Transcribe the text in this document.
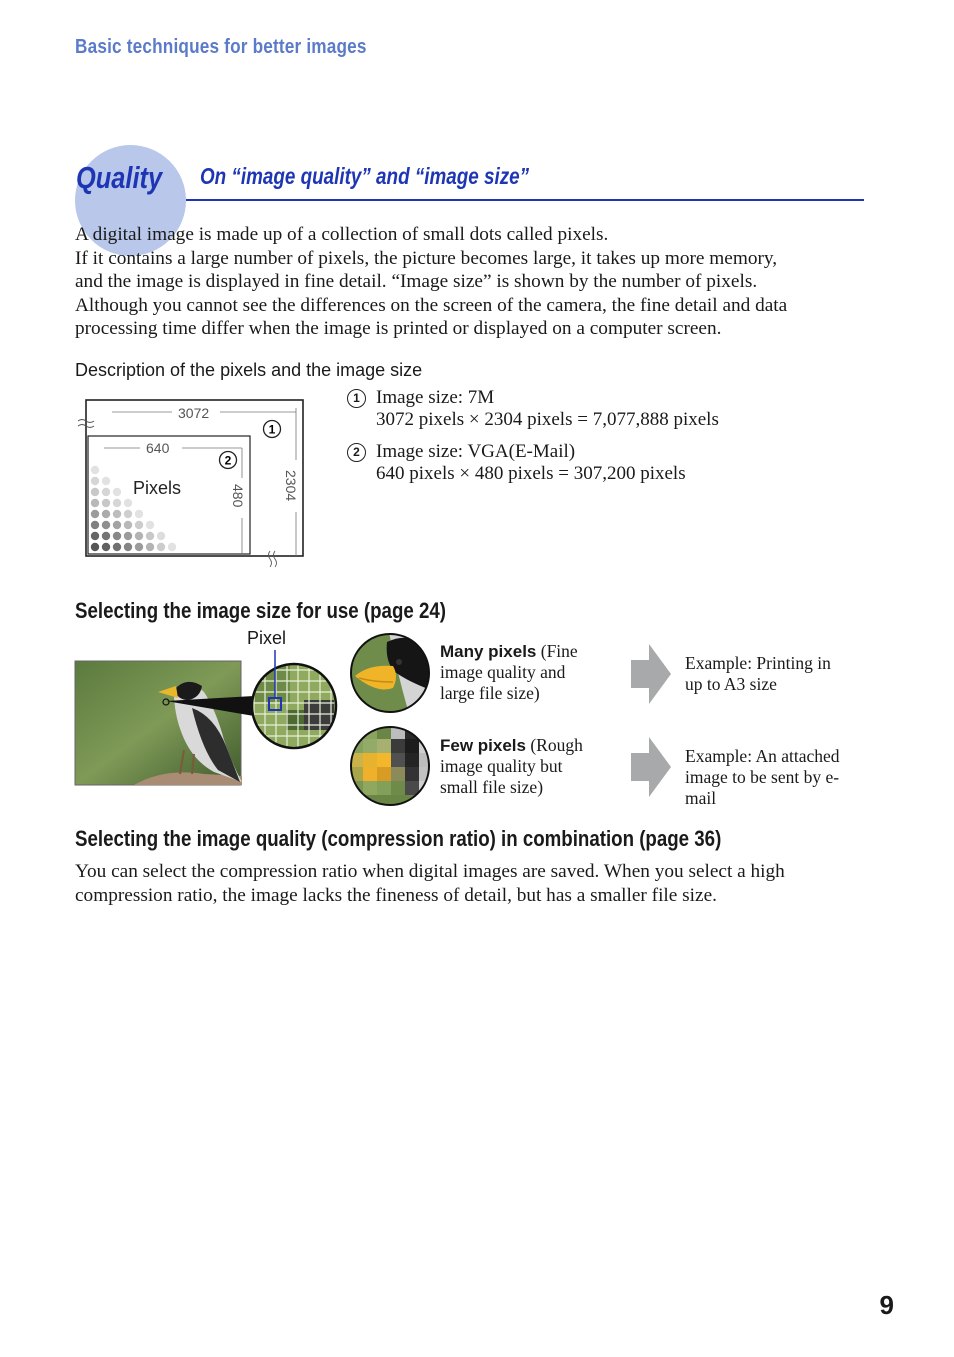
Basic techniques for better images
Quality On “image quality” and “image size”
A digital image is made up of a collection of small dots called pixels.
If it contains a large number of pixels, the picture becomes large, it takes up more memory,
and the image is displayed in fine detail. “Image size” is shown by the number of pixels.
Although you cannot see the differences on the screen of the camera, the fine detail and data
processing time differ when the image is printed or displayed on a computer screen.
Description of the pixels and the image size
3072
640
2304
480
Pixels
1
2
1 Image size: 7M
3072 pixels × 2304 pixels = 7,077,888 pixels
2 Image size: VGA(E-Mail)
640 pixels × 480 pixels = 307,200 pixels
Selecting the image size for use (page 24)
Pixel
Many pixels (Fine
image quality and
large file size)
Few pixels (Rough
image quality but
small file size)
Example: Printing in
up to A3 size
Example: An attached
image to be sent by e-
mail
Selecting the image quality (compression ratio) in combination (page 36)
You can select the compression ratio when digital images are saved. When you select a high
compression ratio, the image lacks the fineness of detail, but has a smaller file size.
9
